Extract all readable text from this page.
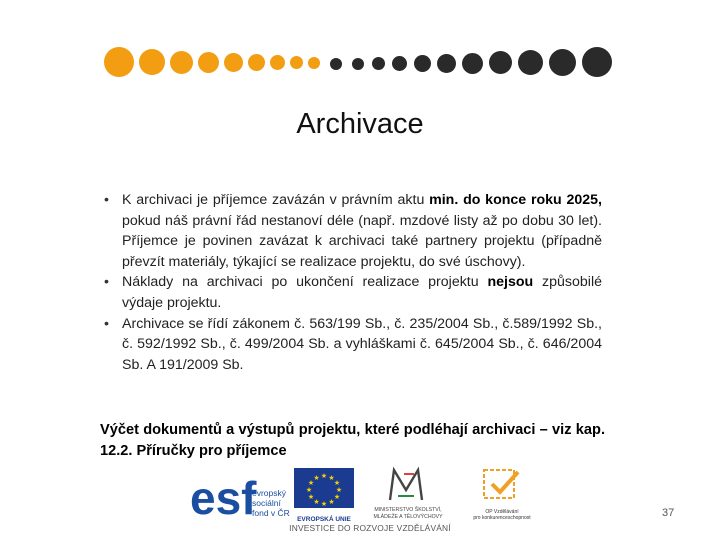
Archivace
• K archivaci je příjemce zavázán v právním aktu min. do konce roku 2025, pokud náš právní řád nestanoví déle (např. mzdové listy až po dobu 30 let). Příjemce je povinen zavázat k archivaci také partnery projektu (případně převzít materiály, týkající se realizace projektu, do své úschovy).
• Náklady na archivaci po ukončení realizace projektu nejsou způsobilé výdaje projektu.
• Archivace se řídí zákonem č. 563/199 Sb., č. 235/2004 Sb., č.589/1992 Sb., č. 592/1992 Sb., č. 499/2004 Sb. a vyhláškami č. 645/2004 Sb., č. 646/2004 Sb. A 191/2009 Sb.
Výčet dokumentů a výstupů projektu, které podléhají archivaci – viz kap. 12.2. Příručky pro příjemce
esf
evropský
sociální
fond v ČR
★ ★
★
★
★
★
★
★
★
★
★
★
EVROPSKÁ UNIE
MINISTERSTVO ŠKOLSTVÍ,
MLÁDEŽE A TĚLOVÝCHOVY
OP Vzdělávání
pro konkurenceschopnost
INVESTICE DO ROZVOJE VZDĚLÁVÁNÍ
37
